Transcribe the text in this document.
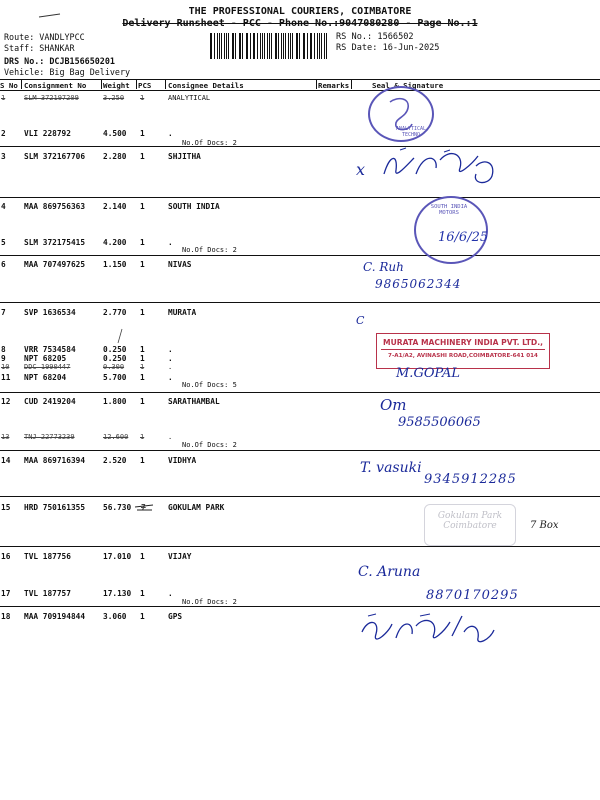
THE PROFESSIONAL COURIERS, COIMBATORE
Delivery Runsheet - PCC - Phone No.:9047080280 - Page No.:1
Route: VANDLYPCC
Staff: SHANKAR
DRS No.: DCJB156650201
Vehicle: Big Bag Delivery
RS No.: 1566502
RS Date: 16-Jun-2025
S No Consignment No Weight PCS Consignee Details	Remarks	Seal & Signature
1	SLM 372197209	3.250 1	ANALYTICAL
2 VLI 228792	4.500 1	.
No.Of Docs: 2
3 SLM 372167706 2.280 1	SHJITHA
4 MAA 869756363 2.140 1	SOUTH INDIA
5 SLM 372175415 4.200 1	.
No.Of Docs: 2
6 MAA 707497625 1.150 1	NIVAS
7 SVP 1636534	2.770 1	MURATA
8 VRR 7534584	0.250 1	.
9 NPT 68205	0.250 1	.
10 DDC 1990447	0.300 1	.
11 NPT 68204	5.700 1	.
No.Of Docs: 5
12 CUD 2419204	1.800 1	SARATHAMBAL
13 TNJ 22773239	12.600 1	.
No.Of Docs: 2
14 MAA 869716394 2.520 1	VIDHYA
15 HRD 750161355 56.730 7	GOKULAM PARK
16 TVL 187756	17.010 1	VIJAY
17 TVL 187757	17.130 1	.
No.Of Docs: 2
18 MAA 709194844 3.060 1	GPS
ANALYTICAL TECHNO
x
SOUTH INDIA MOTORS
16/6/25
C. Ruh
9865062344
C
MURATA MACHINERY INDIA PVT. LTD.,
7-A1/A2, AVINASHI ROAD,COIMBATORE-641 014
M.GOPAL
Om
9585506065
T. vasuki
9345912285
Gokulam Park
Coimbatore	7 Box
C. Aruna
8870170295
